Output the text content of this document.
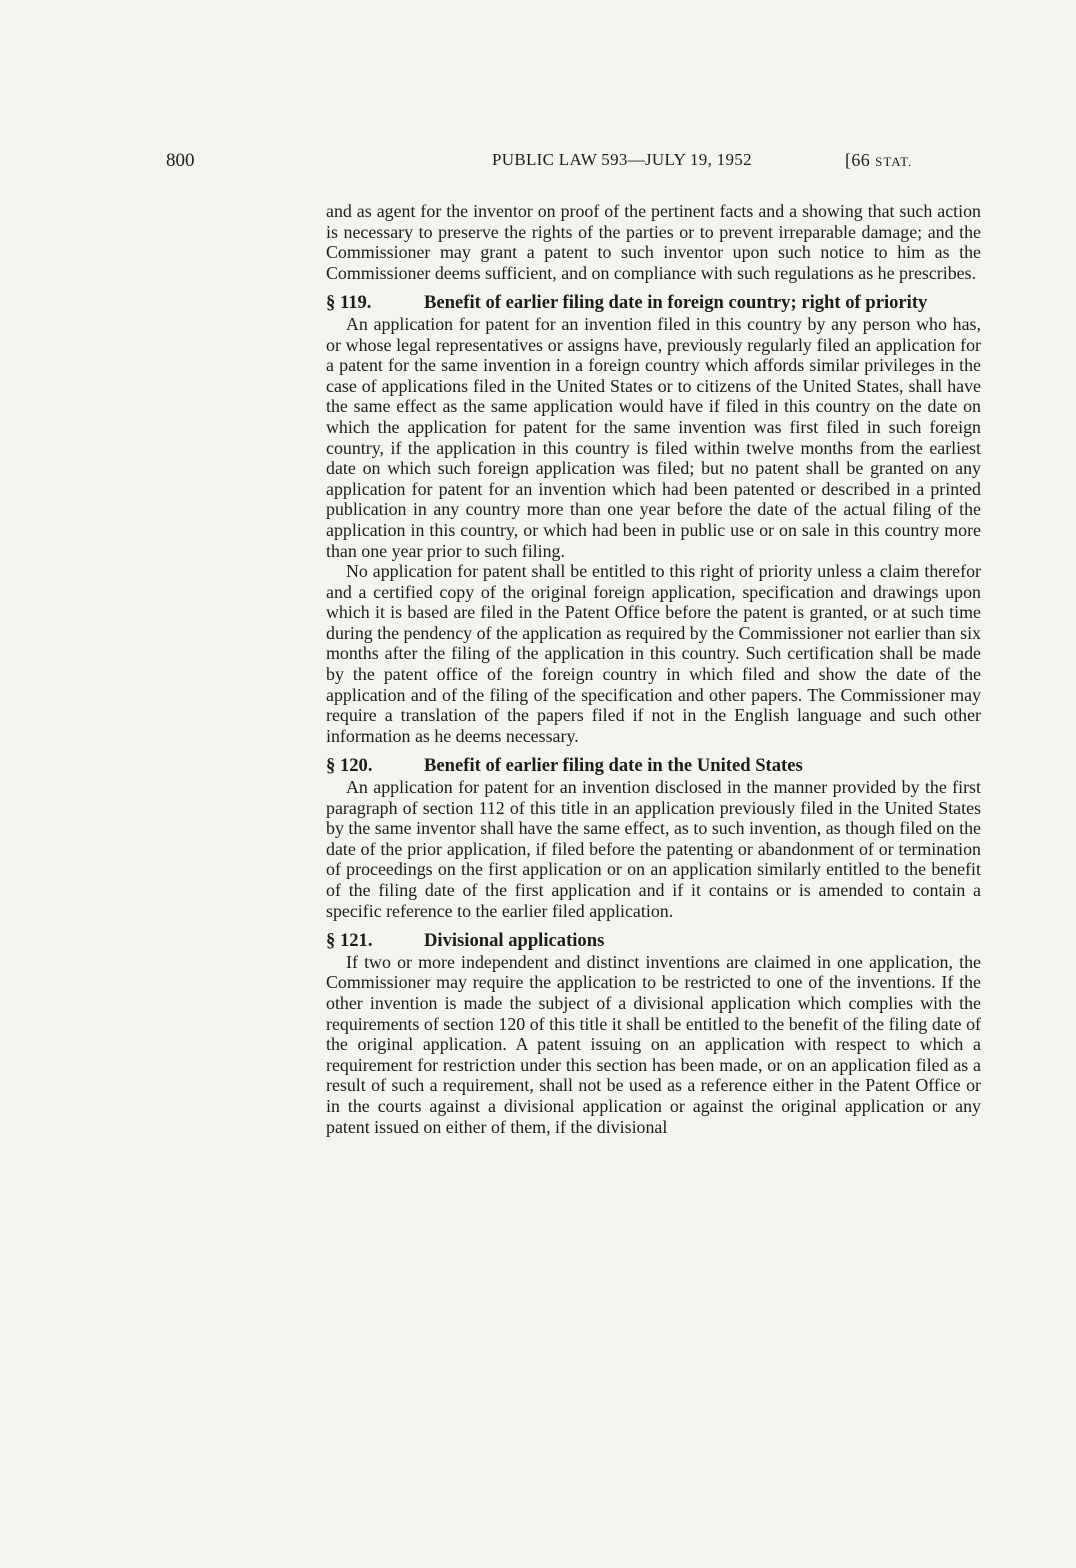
800	PUBLIC LAW 593—JULY 19, 1952	[66 STAT.

and as agent for the inventor on proof of the pertinent facts and a showing that such action is necessary to preserve the rights of the parties or to prevent irreparable damage; and the Commissioner may grant a patent to such inventor upon such notice to him as the Commissioner deems sufficient, and on compliance with such regulations as he prescribes.

§ 119.	Benefit of earlier filing date in foreign country; right of priority

An application for patent for an invention filed in this country by any person who has, or whose legal representatives or assigns have, previously regularly filed an application for a patent for the same invention in a foreign country which affords similar privileges in the case of applications filed in the United States or to citizens of the United States, shall have the same effect as the same application would have if filed in this country on the date on which the application for patent for the same invention was first filed in such foreign country, if the application in this country is filed within twelve months from the earliest date on which such foreign application was filed; but no patent shall be granted on any application for patent for an invention which had been patented or described in a printed publication in any country more than one year before the date of the actual filing of the application in this country, or which had been in public use or on sale in this country more than one year prior to such filing.

No application for patent shall be entitled to this right of priority unless a claim therefor and a certified copy of the original foreign application, specification and drawings upon which it is based are filed in the Patent Office before the patent is granted, or at such time during the pendency of the application as required by the Commissioner not earlier than six months after the filing of the application in this country. Such certification shall be made by the patent office of the foreign country in which filed and show the date of the application and of the filing of the specification and other papers. The Commissioner may require a translation of the papers filed if not in the English language and such other information as he deems necessary.

§ 120.	Benefit of earlier filing date in the United States

An application for patent for an invention disclosed in the manner provided by the first paragraph of section 112 of this title in an application previously filed in the United States by the same inventor shall have the same effect, as to such invention, as though filed on the date of the prior application, if filed before the patenting or abandonment of or termination of proceedings on the first application or on an application similarly entitled to the benefit of the filing date of the first application and if it contains or is amended to contain a specific reference to the earlier filed application.

§ 121.	Divisional applications

If two or more independent and distinct inventions are claimed in one application, the Commissioner may require the application to be restricted to one of the inventions. If the other invention is made the subject of a divisional application which complies with the requirements of section 120 of this title it shall be entitled to the benefit of the filing date of the original application. A patent issuing on an application with respect to which a requirement for restriction under this section has been made, or on an application filed as a result of such a requirement, shall not be used as a reference either in the Patent Office or in the courts against a divisional application or against the original application or any patent issued on either of them, if the divisional
